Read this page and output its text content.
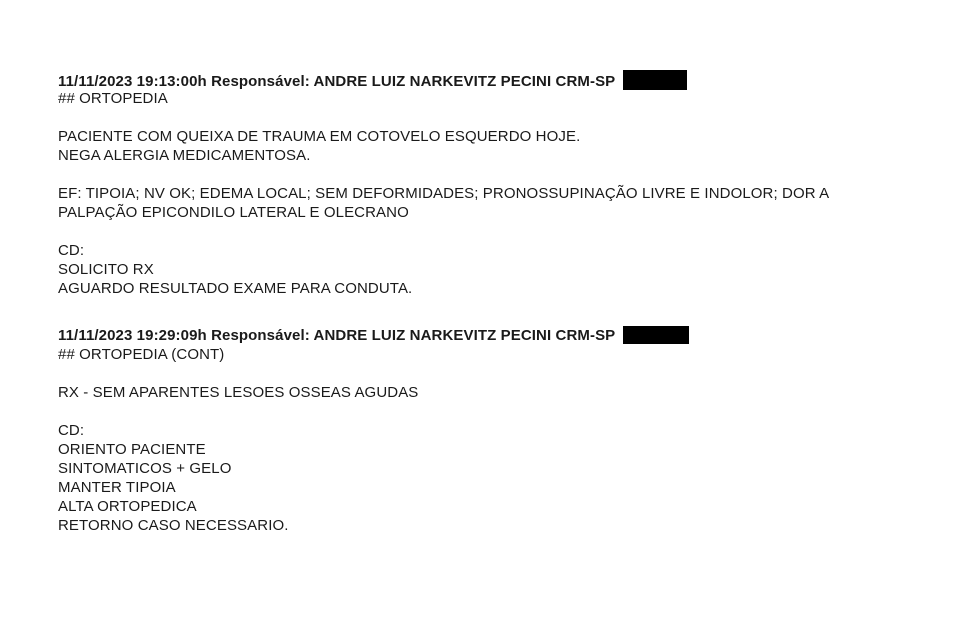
11/11/2023 19:13:00h Responsável: ANDRE LUIZ NARKEVITZ PECINI CRM-SP
## ORTOPEDIA
PACIENTE COM QUEIXA DE TRAUMA EM COTOVELO ESQUERDO HOJE.
NEGA ALERGIA MEDICAMENTOSA.
EF: TIPOIA; NV OK; EDEMA LOCAL; SEM DEFORMIDADES; PRONOSSUPINAÇÃO LIVRE E INDOLOR; DOR A
PALPAÇÃO EPICONDILO LATERAL E OLECRANO
CD:
SOLICITO RX
AGUARDO RESULTADO EXAME PARA CONDUTA.
11/11/2023 19:29:09h Responsável: ANDRE LUIZ NARKEVITZ PECINI CRM-SP
## ORTOPEDIA (CONT)
RX - SEM APARENTES LESOES OSSEAS AGUDAS
CD:
ORIENTO PACIENTE
SINTOMATICOS + GELO
MANTER TIPOIA
ALTA ORTOPEDICA
RETORNO CASO NECESSARIO.
